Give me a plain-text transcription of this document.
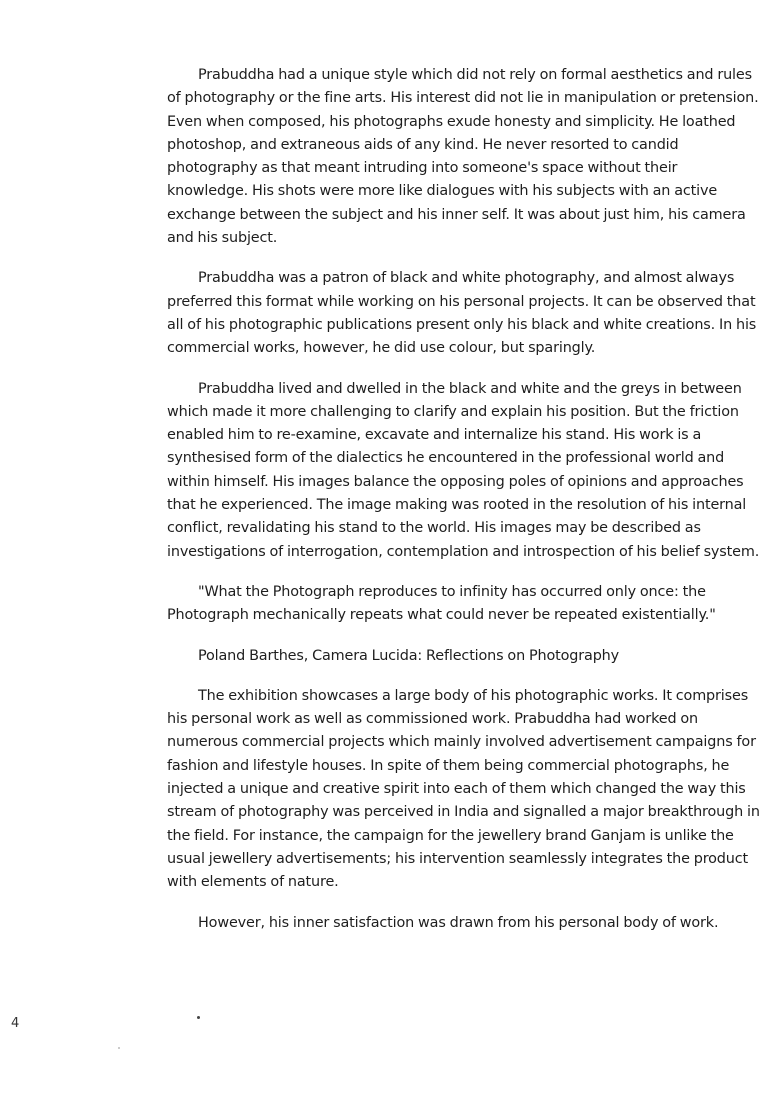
Prabuddha had a unique style which did not rely on formal aesthetics and rules of photography or the fine arts. His interest did not lie in manipulation or pretension. Even when composed, his photographs exude honesty and simplicity. He loathed photoshop, and extraneous aids of any kind. He never resorted to candid photography as that meant intruding into someone's space without their knowledge. His shots were more like dialogues with his subjects with an active exchange between the subject and his inner self. It was about just him, his camera and his subject.

Prabuddha was a patron of black and white photography, and almost always preferred this format while working on his personal projects. It can be observed that all of his photographic publications present only his black and white creations. In his commercial works, however, he did use colour, but sparingly.

Prabuddha lived and dwelled in the black and white and the greys in between which made it more challenging to clarify and explain his position. But the friction enabled him to re-examine, excavate and internalize his stand. His work is a synthesised form of the dialectics he encountered in the professional world and within himself. His images balance the opposing poles of opinions and approaches that he experienced. The image making was rooted in the resolution of his internal conflict, revalidating his stand to the world. His images may be described as investigations of interrogation, contemplation and introspection of his belief system.

"What the Photograph reproduces to infinity has occurred only once: the Photograph mechanically repeats what could never be repeated existentially."

Poland Barthes, Camera Lucida: Reflections on Photography

The exhibition showcases a large body of his photographic works. It comprises his personal work as well as commissioned work. Prabuddha had worked on numerous commercial projects which mainly involved advertisement campaigns for fashion and lifestyle houses. In spite of them being commercial photographs, he injected a unique and creative spirit into each of them which changed the way this stream of photography was perceived in India and signalled a major breakthrough in the field. For instance, the campaign for the jewellery brand Ganjam is unlike the usual jewellery advertisements; his intervention seamlessly integrates the product with elements of nature.

However, his inner satisfaction was drawn from his personal body of work.

4
